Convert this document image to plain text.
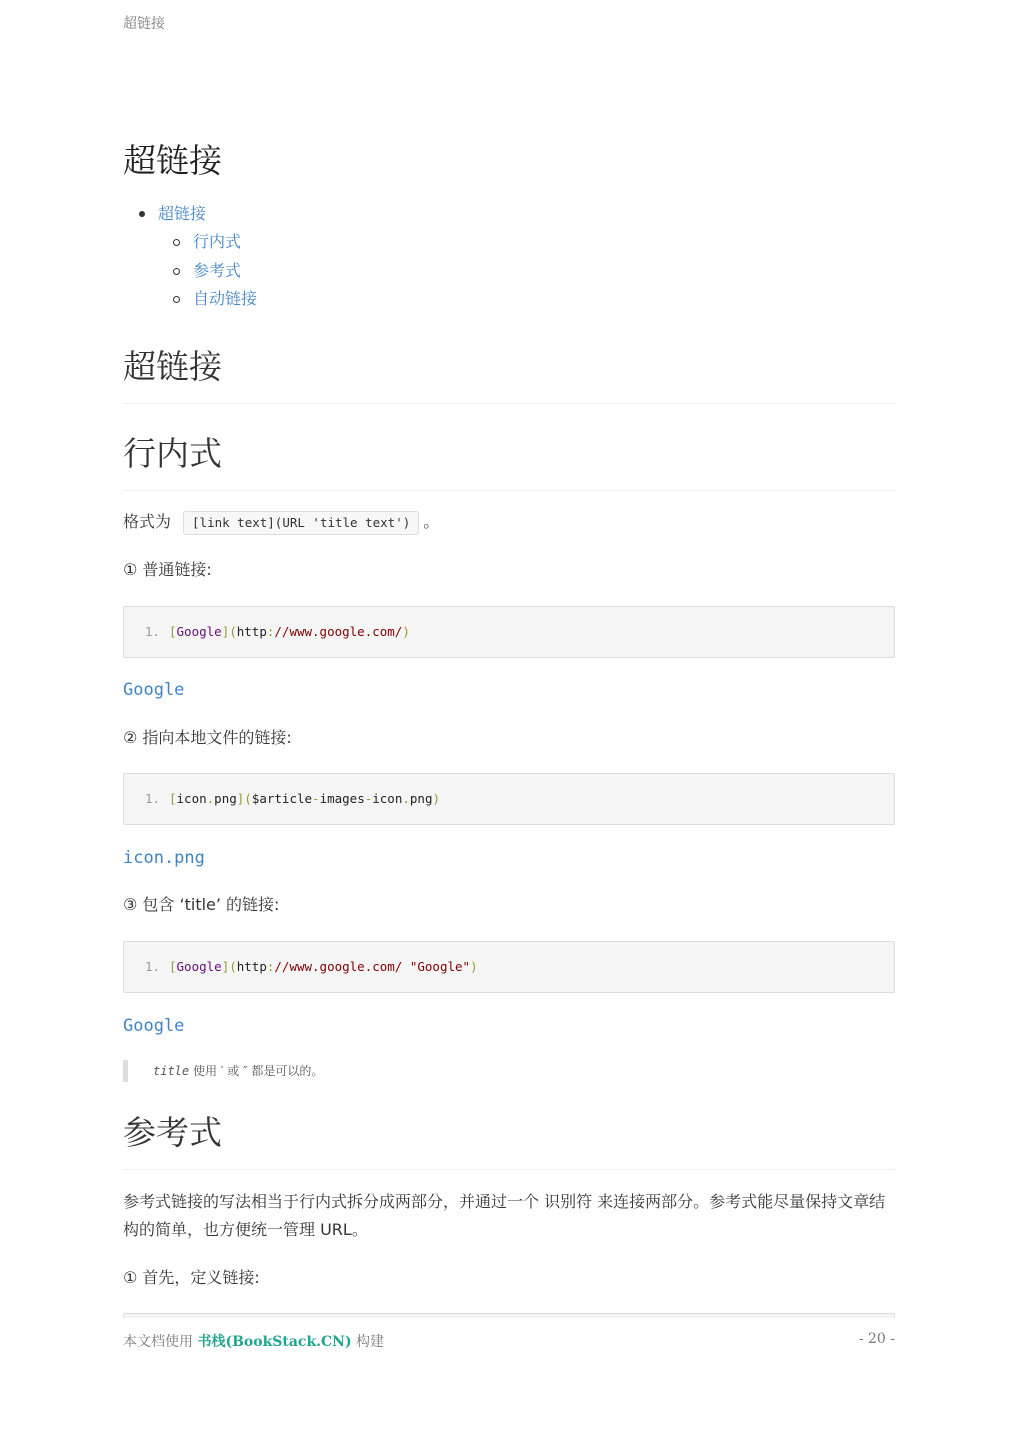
超链接
超链接
超链接
行内式
参考式
自动链接
超链接
行内式

格式为 [link text](URL 'title text') 。

① 普通链接:

1. [Google](http://www.google.com/)
Google

② 指向本地文件的链接:

1. [icon.png]($article-images-icon.png)
icon.png

③ 包含 ‘title’ 的链接:

1. [Google](http://www.google.com/ "Google")
Google
title 使用 ′ 或 ″ 都是可以的。
参考式

参考式链接的写法相当于行内式拆分成两部分，并通过一个 识别符 来连接两部分。参考式能尽量保持文章结构的简单，也方便统一管理 URL。

① 首先，定义链接:

本文档使用 书栈(BookStack.CN) 构建	- 20 -
